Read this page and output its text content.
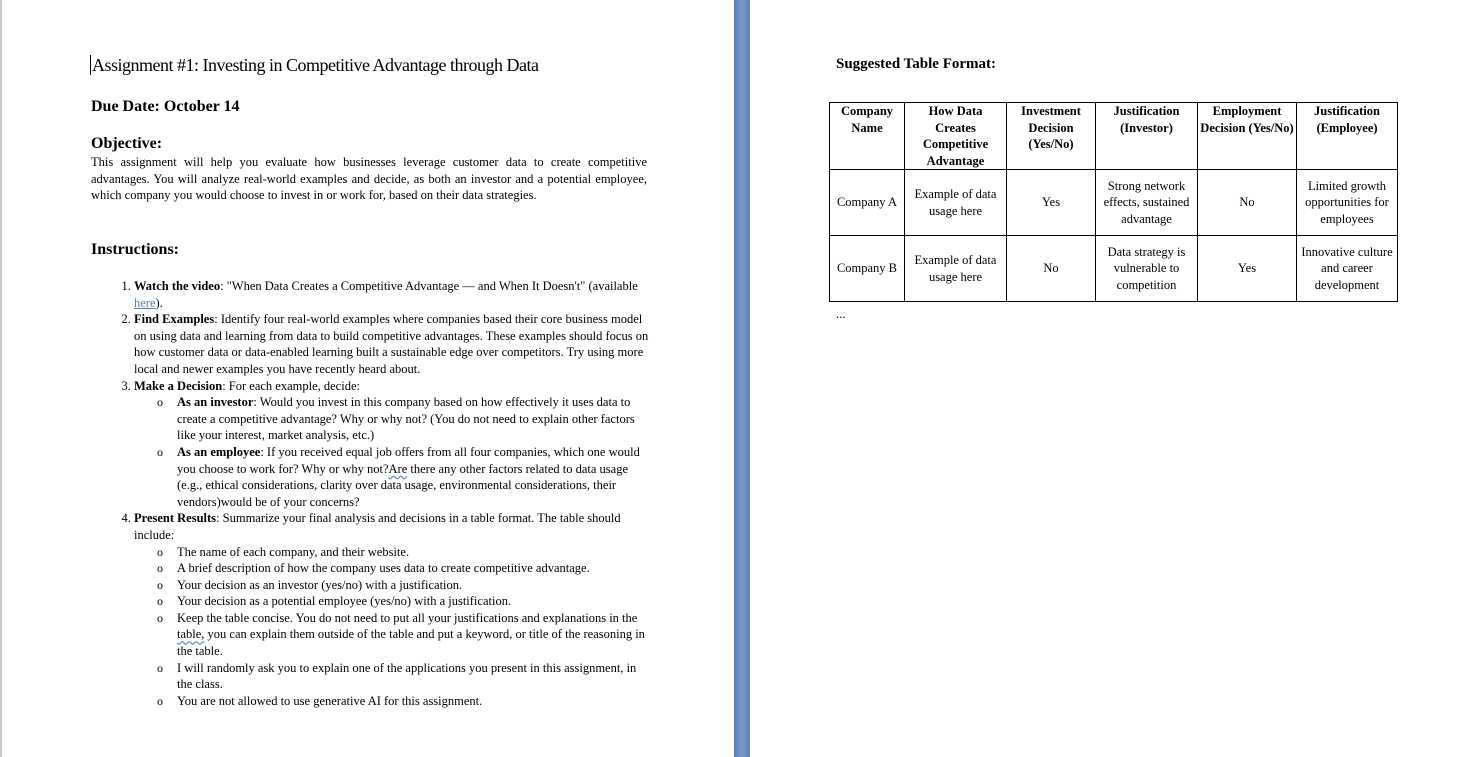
Assignment #1: Investing in Competitive Advantage through Data
Due Date: October 14
Objective:
This assignment will help you evaluate how businesses leverage customer data to create competitive advantages. You will analyze real-world examples and decide, as both an investor and a potential employee, which company you would choose to invest in or work for, based on their data strategies.
Instructions:
1. Watch the video: "When Data Creates a Competitive Advantage — and When It Doesn't" (available here).
2. Find Examples: Identify four real-world examples where companies based their core business model on using data and learning from data to build competitive advantages. These examples should focus on how customer data or data-enabled learning built a sustainable edge over competitors. Try using more local and newer examples you have recently heard about.
3. Make a Decision: For each example, decide:
o As an investor: Would you invest in this company based on how effectively it uses data to create a competitive advantage? Why or why not? (You do not need to explain other factors like your interest, market analysis, etc.)
o As an employee: If you received equal job offers from all four companies, which one would you choose to work for? Why or why not?Are there any other factors related to data usage (e.g., ethical considerations, clarity over data usage, environmental considerations, their vendors)would be of your concerns?
4. Present Results: Summarize your final analysis and decisions in a table format. The table should include:
o The name of each company, and their website.
o A brief description of how the company uses data to create competitive advantage.
o Your decision as an investor (yes/no) with a justification.
o Your decision as a potential employee (yes/no) with a justification.
o Keep the table concise. You do not need to put all your justifications and explanations in the table, you can explain them outside of the table and put a keyword, or title of the reasoning in the table.
o I will randomly ask you to explain one of the applications you present in this assignment, in the class.
o You are not allowed to use generative AI for this assignment.
Suggested Table Format:
Company Name	How Data Creates Competitive Advantage	Investment Decision (Yes/No)	Justification (Investor)	Employment Decision (Yes/No)	Justification (Employee)
Company A	Example of data usage here	Yes	Strong network effects, sustained advantage	No	Limited growth opportunities for employees
Company B	Example of data usage here	No	Data strategy is vulnerable to competition	Yes	Innovative culture and career development
...
